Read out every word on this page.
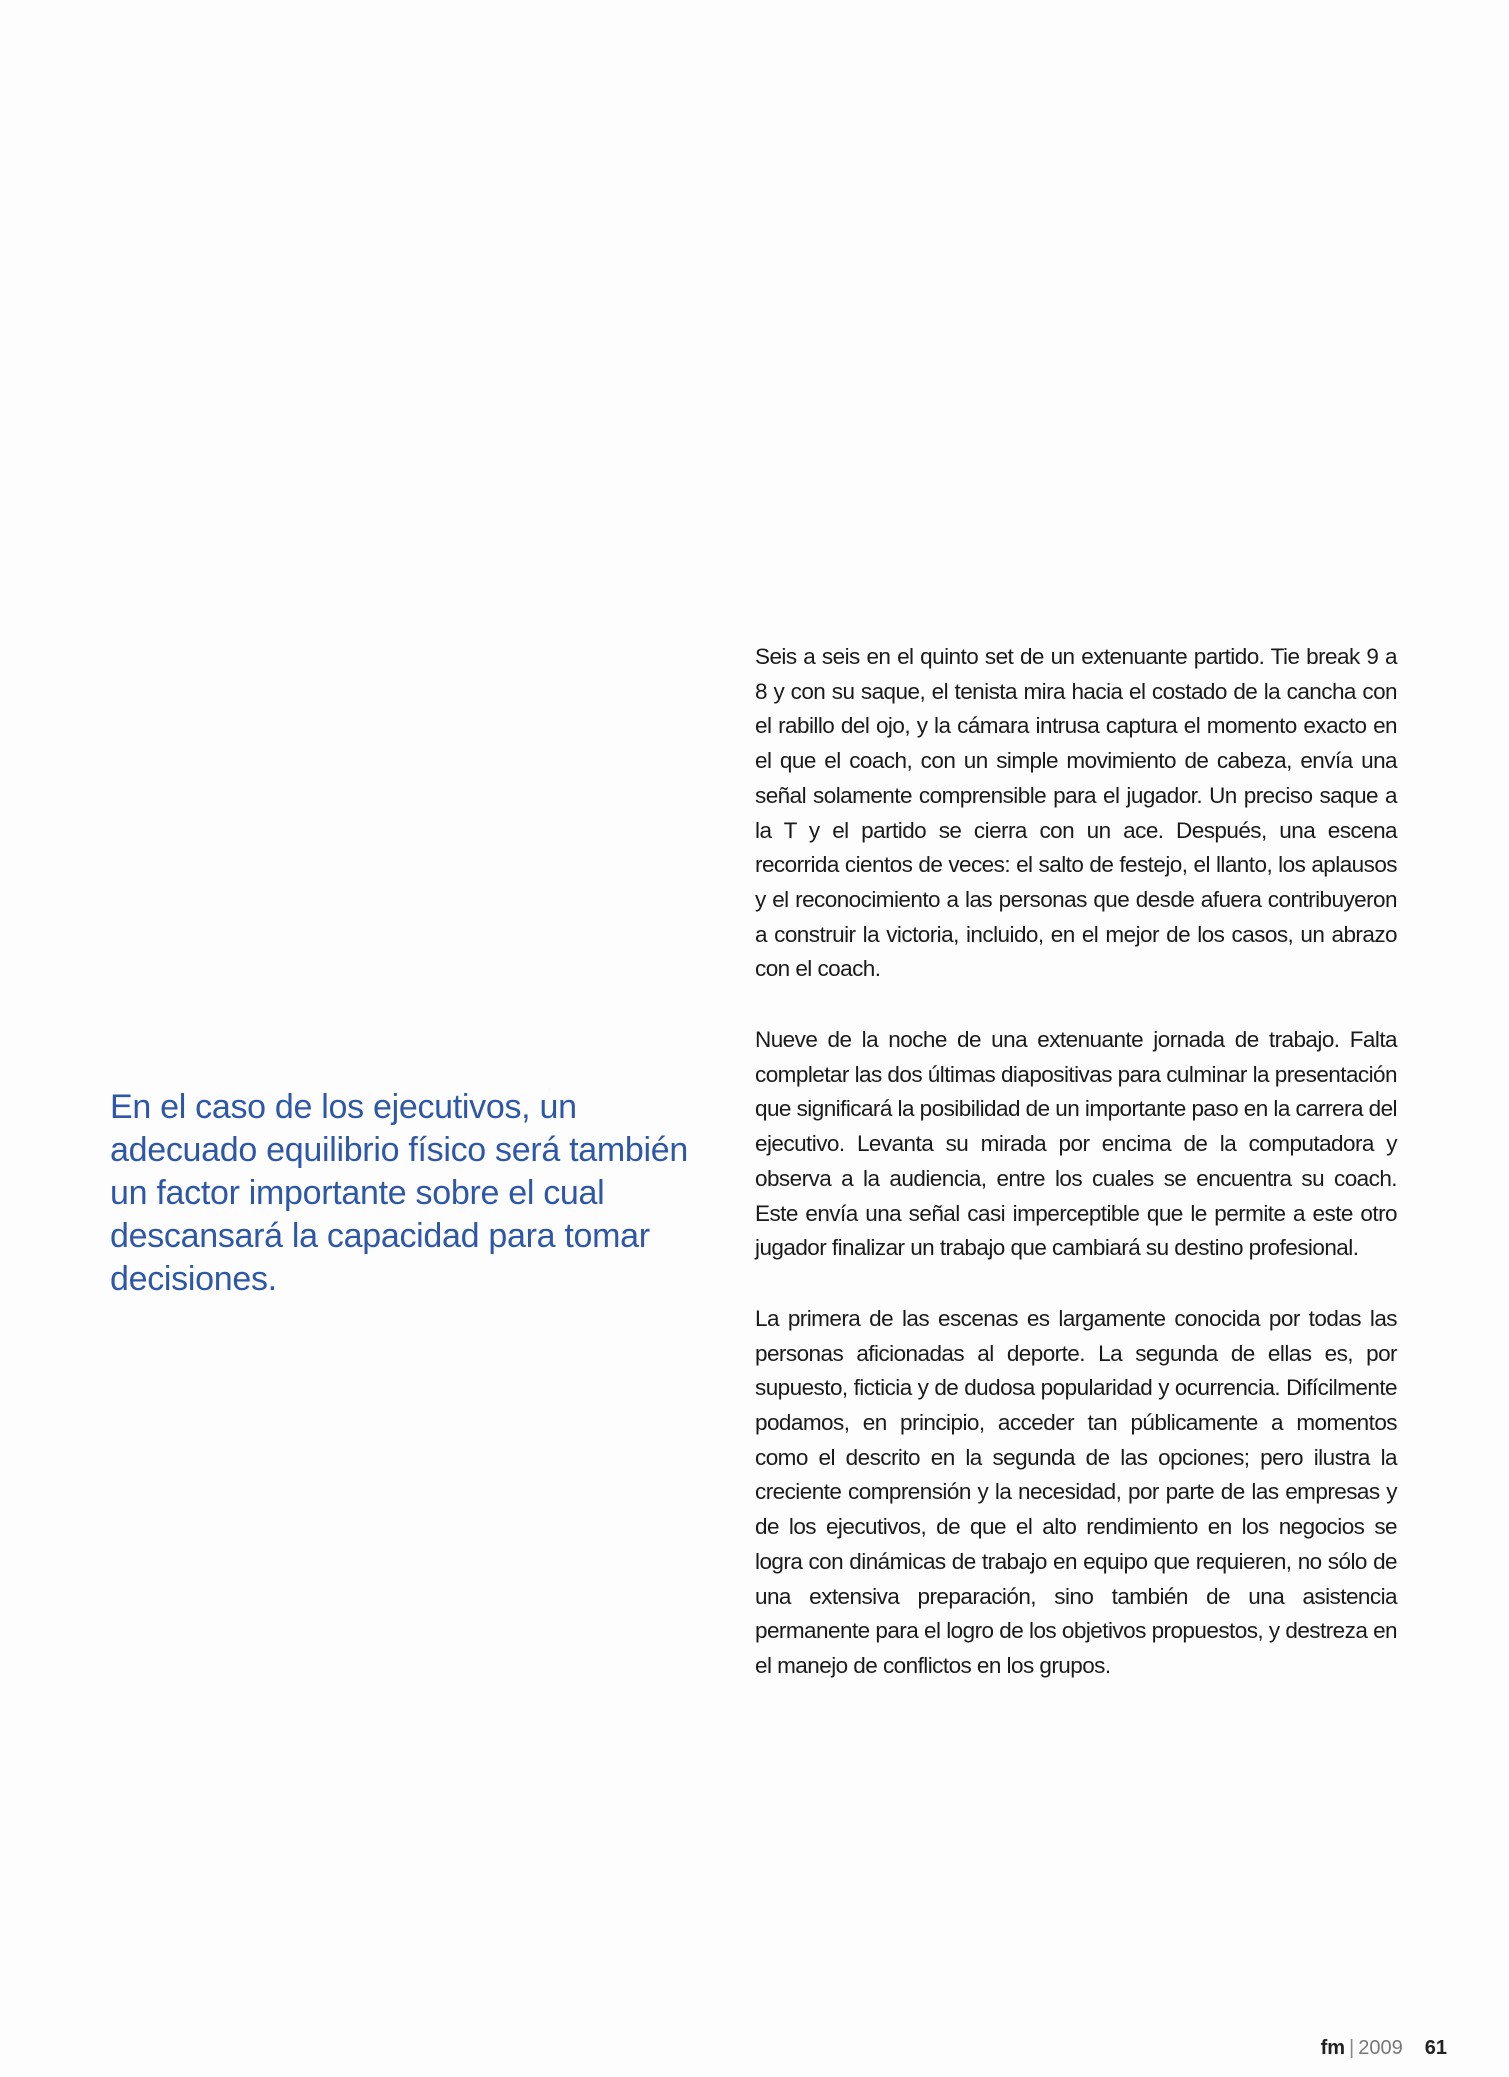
En el caso de los ejecutivos, un adecuado equilibrio físico será también un factor importante sobre el cual descansará la capacidad para tomar decisiones.

Seis a seis en el quinto set de un extenuante partido. Tie break 9 a 8 y con su saque, el tenista mira hacia el costado de la cancha con el rabillo del ojo, y la cámara intrusa captura el momento exacto en el que el coach, con un simple movimiento de cabeza, envía una señal solamente comprensible para el jugador. Un preciso saque a la T y el partido se cierra con un ace. Después, una escena recorrida cientos de veces: el salto de festejo, el llanto, los aplausos y el reconocimiento a las personas que desde afuera contribuyeron a construir la victoria, incluido, en el mejor de los casos, un abrazo con el coach.

Nueve de la noche de una extenuante jornada de trabajo. Falta completar las dos últimas diapositivas para culminar la presentación que significará la posibilidad de un importante paso en la carrera del ejecutivo. Levanta su mirada por encima de la computadora y observa a la audiencia, entre los cuales se encuentra su coach. Este envía una señal casi imperceptible que le permite a este otro jugador finalizar un trabajo que cambiará su destino profesional.

La primera de las escenas es largamente conocida por todas las personas aficionadas al deporte. La segunda de ellas es, por supuesto, ficticia y de dudosa popularidad y ocurrencia. Difícilmente podamos, en principio, acceder tan públicamente a momentos como el descrito en la segunda de las opciones; pero ilustra la creciente comprensión y la necesidad, por parte de las empresas y de los ejecutivos, de que el alto rendimiento en los negocios se logra con dinámicas de trabajo en equipo que requieren, no sólo de una extensiva preparación, sino también de una asistencia permanente para el logro de los objetivos propuestos, y destreza en el manejo de conflictos en los grupos.

fm | 2009 61
